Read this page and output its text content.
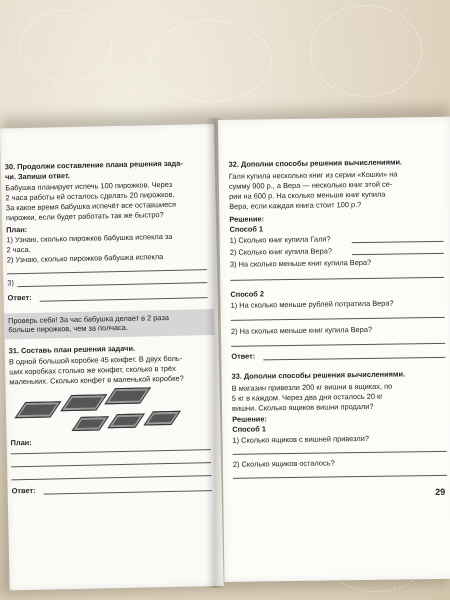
30. Продолжи составление плана решения зада-
чи. Запиши ответ.
Бабушка планирует испечь 100 пирожков. Через
2 часа работы ей осталось сделать 20 пирожков.
За какое время бабушка испечёт все оставшиеся
пирожки, если будет работать так же быстро?
План:
1) Узнаю, сколько пирожков бабушка испекла за
2 часа.
2) Узнаю, сколько пирожков бабушка испекла
3)
Ответ:
Проверь себя! За час бабушка делает в 2 раза
больше пирожков, чем за полчаса.
31. Составь план решения задачи.
В одной большой коробке 45 конфет. В двух боль-
ших коробках столько же конфет, сколько в трёх
маленьких. Сколько конфет в маленькой коробке?
План:
Ответ:
32. Дополни способы решения вычислениями.
Галя купила несколько книг из серии «Кошки» на
сумму 900 р., а Вера — несколько книг этой се-
рии на 600 р. На сколько меньше книг купила
Вера, если каждая книга стоит 100 р.?
Решение:
Способ 1
1) Сколько книг купила Галя?
2) Сколько книг купила Вера?
3) На сколько меньше книг купила Вера?
Способ 2
1) На сколько меньше рублей потратила Вера?
2) На сколько меньше книг купила Вера?
Ответ:
33. Дополни способы решения вычислениями.
В магазин привезли 200 кг вишни в ящиках, по
5 кг в каждом. Через два дня осталось 20 кг
вишни. Сколько ящиков вишни продали?
Решение:
Способ 1
1) Сколько ящиков с вишней привезли?
2) Сколько ящиков осталось?
29
